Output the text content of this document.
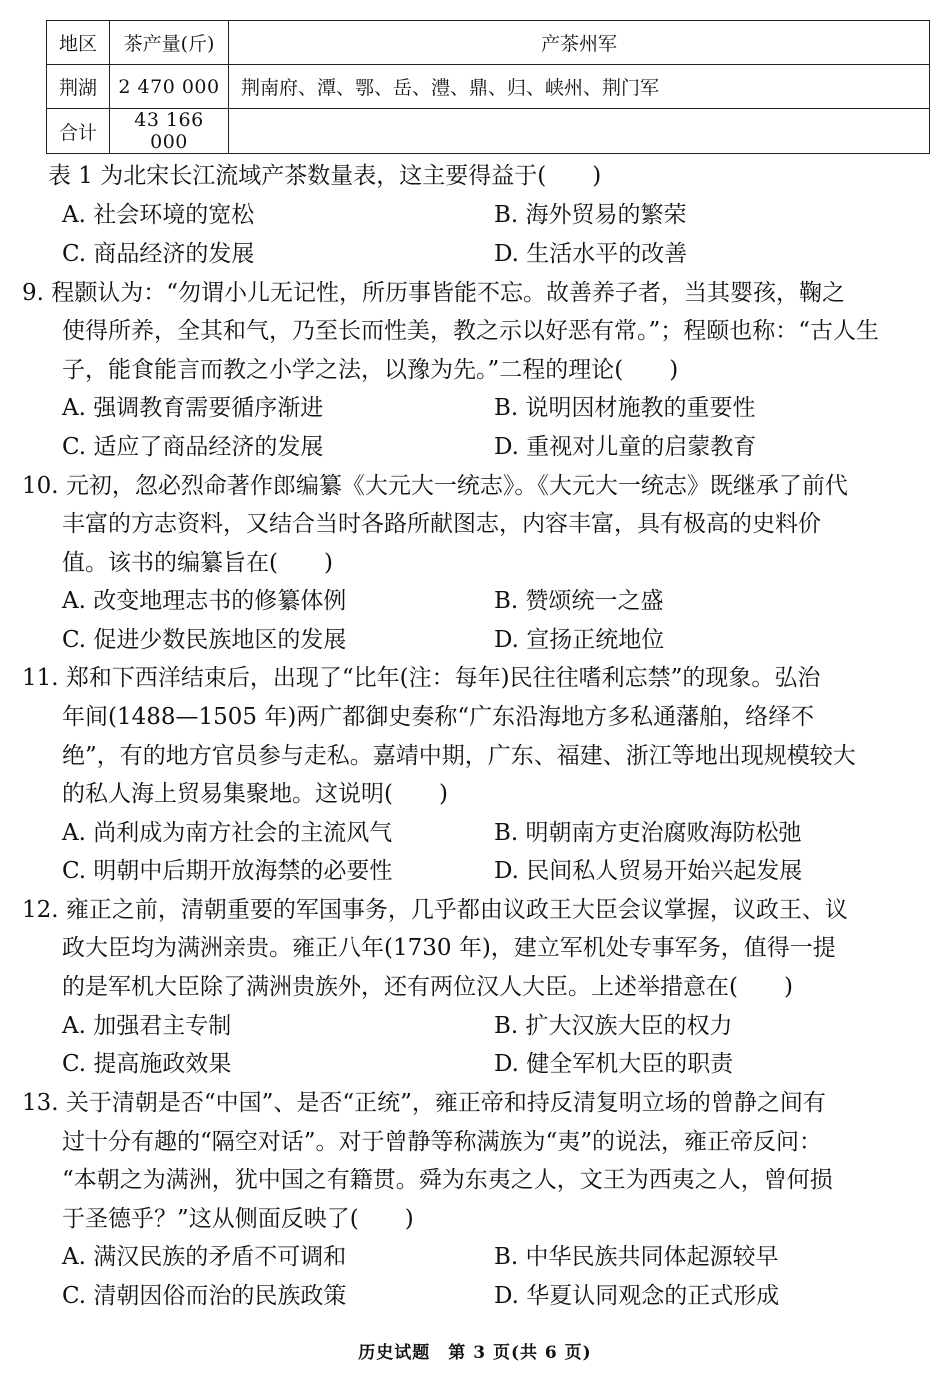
地区	茶产量(斤)	产茶州军
荆湖	2 470 000	荆南府、潭、鄂、岳、澧、鼎、归、峡州、荆门军
合计	43 166 000	
表 1 为北宋长江流域产茶数量表，这主要得益于(　　)
A. 社会环境的宽松	B. 海外贸易的繁荣
C. 商品经济的发展	D. 生活水平的改善
9. 程颢认为：“勿谓小儿无记性，所历事皆能不忘。故善养子者，当其婴孩，鞠之
使得所养，全其和气，乃至长而性美，教之示以好恶有常。”；程颐也称：“古人生
子，能食能言而教之小学之法，以豫为先。”二程的理论(　　)
A. 强调教育需要循序渐进	B. 说明因材施教的重要性
C. 适应了商品经济的发展	D. 重视对儿童的启蒙教育
10. 元初，忽必烈命著作郎编纂《大元大一统志》。《大元大一统志》既继承了前代
丰富的方志资料，又结合当时各路所献图志，内容丰富，具有极高的史料价
值。该书的编纂旨在(　　)
A. 改变地理志书的修纂体例	B. 赞颂统一之盛
C. 促进少数民族地区的发展	D. 宣扬正统地位
11. 郑和下西洋结束后，出现了“比年(注：每年)民往往嗜利忘禁”的现象。弘治
年间(1488—1505 年)两广都御史奏称“广东沿海地方多私通藩舶，络绎不
绝”，有的地方官员参与走私。嘉靖中期，广东、福建、浙江等地出现规模较大
的私人海上贸易集聚地。这说明(　　)
A. 尚利成为南方社会的主流风气	B. 明朝南方吏治腐败海防松弛
C. 明朝中后期开放海禁的必要性	D. 民间私人贸易开始兴起发展
12. 雍正之前，清朝重要的军国事务，几乎都由议政王大臣会议掌握，议政王、议
政大臣均为满洲亲贵。雍正八年(1730 年)，建立军机处专事军务，值得一提
的是军机大臣除了满洲贵族外，还有两位汉人大臣。上述举措意在(　　)
A. 加强君主专制	B. 扩大汉族大臣的权力
C. 提高施政效果	D. 健全军机大臣的职责
13. 关于清朝是否“中国”、是否“正统”，雍正帝和持反清复明立场的曾静之间有
过十分有趣的“隔空对话”。对于曾静等称满族为“夷”的说法，雍正帝反问：
“本朝之为满洲，犹中国之有籍贯。舜为东夷之人，文王为西夷之人，曾何损
于圣德乎？”这从侧面反映了(　　)
A. 满汉民族的矛盾不可调和	B. 中华民族共同体起源较早
C. 清朝因俗而治的民族政策	D. 华夏认同观念的正式形成
历史试题　第 3 页(共 6 页)
